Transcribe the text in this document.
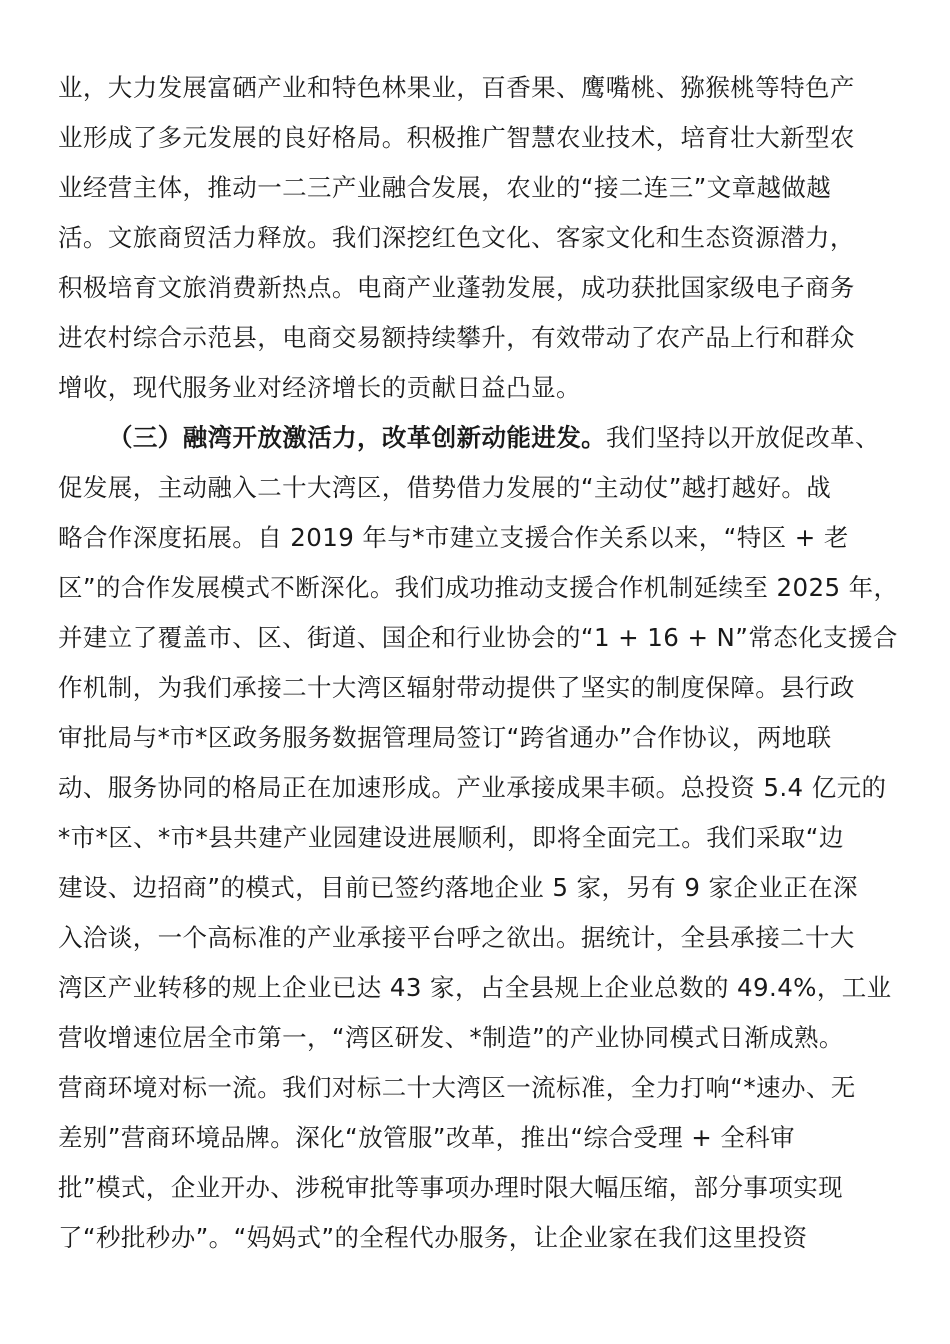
业，大力发展富硒产业和特色林果业，百香果、鹰嘴桃、猕猴桃等特色产
业形成了多元发展的良好格局。积极推广智慧农业技术，培育壮大新型农
业经营主体，推动一二三产业融合发展，农业的“接二连三”文章越做越
活。文旅商贸活力释放。我们深挖红色文化、客家文化和生态资源潜力，
积极培育文旅消费新热点。电商产业蓬勃发展，成功获批国家级电子商务
进农村综合示范县，电商交易额持续攀升，有效带动了农产品上行和群众
增收，现代服务业对经济增长的贡献日益凸显。
（三）融湾开放激活力，改革创新动能进发。我们坚持以开放促改革、
促发展，主动融入二十大湾区，借势借力发展的“主动仗”越打越好。战
略合作深度拓展。自 2019 年与*市建立支援合作关系以来，“特区 + 老
区”的合作发展模式不断深化。我们成功推动支援合作机制延续至 2025 年，
并建立了覆盖市、区、街道、国企和行业协会的“1 + 16 + N”常态化支援合
作机制，为我们承接二十大湾区辐射带动提供了坚实的制度保障。县行政
审批局与*市*区政务服务数据管理局签订“跨省通办”合作协议，两地联
动、服务协同的格局正在加速形成。产业承接成果丰硕。总投资 5.4 亿元的
*市*区、*市*县共建产业园建设进展顺利，即将全面完工。我们采取“边
建设、边招商”的模式，目前已签约落地企业 5 家，另有 9 家企业正在深
入洽谈，一个高标准的产业承接平台呼之欲出。据统计，全县承接二十大
湾区产业转移的规上企业已达 43 家，占全县规上企业总数的 49.4%，工业
营收增速位居全市第一，“湾区研发、*制造”的产业协同模式日渐成熟。
营商环境对标一流。我们对标二十大湾区一流标准，全力打响“*速办、无
差别”营商环境品牌。深化“放管服”改革，推出“综合受理 + 全科审
批”模式，企业开办、涉税审批等事项办理时限大幅压缩，部分事项实现
了“秒批秒办”。“妈妈式”的全程代办服务，让企业家在我们这里投资
